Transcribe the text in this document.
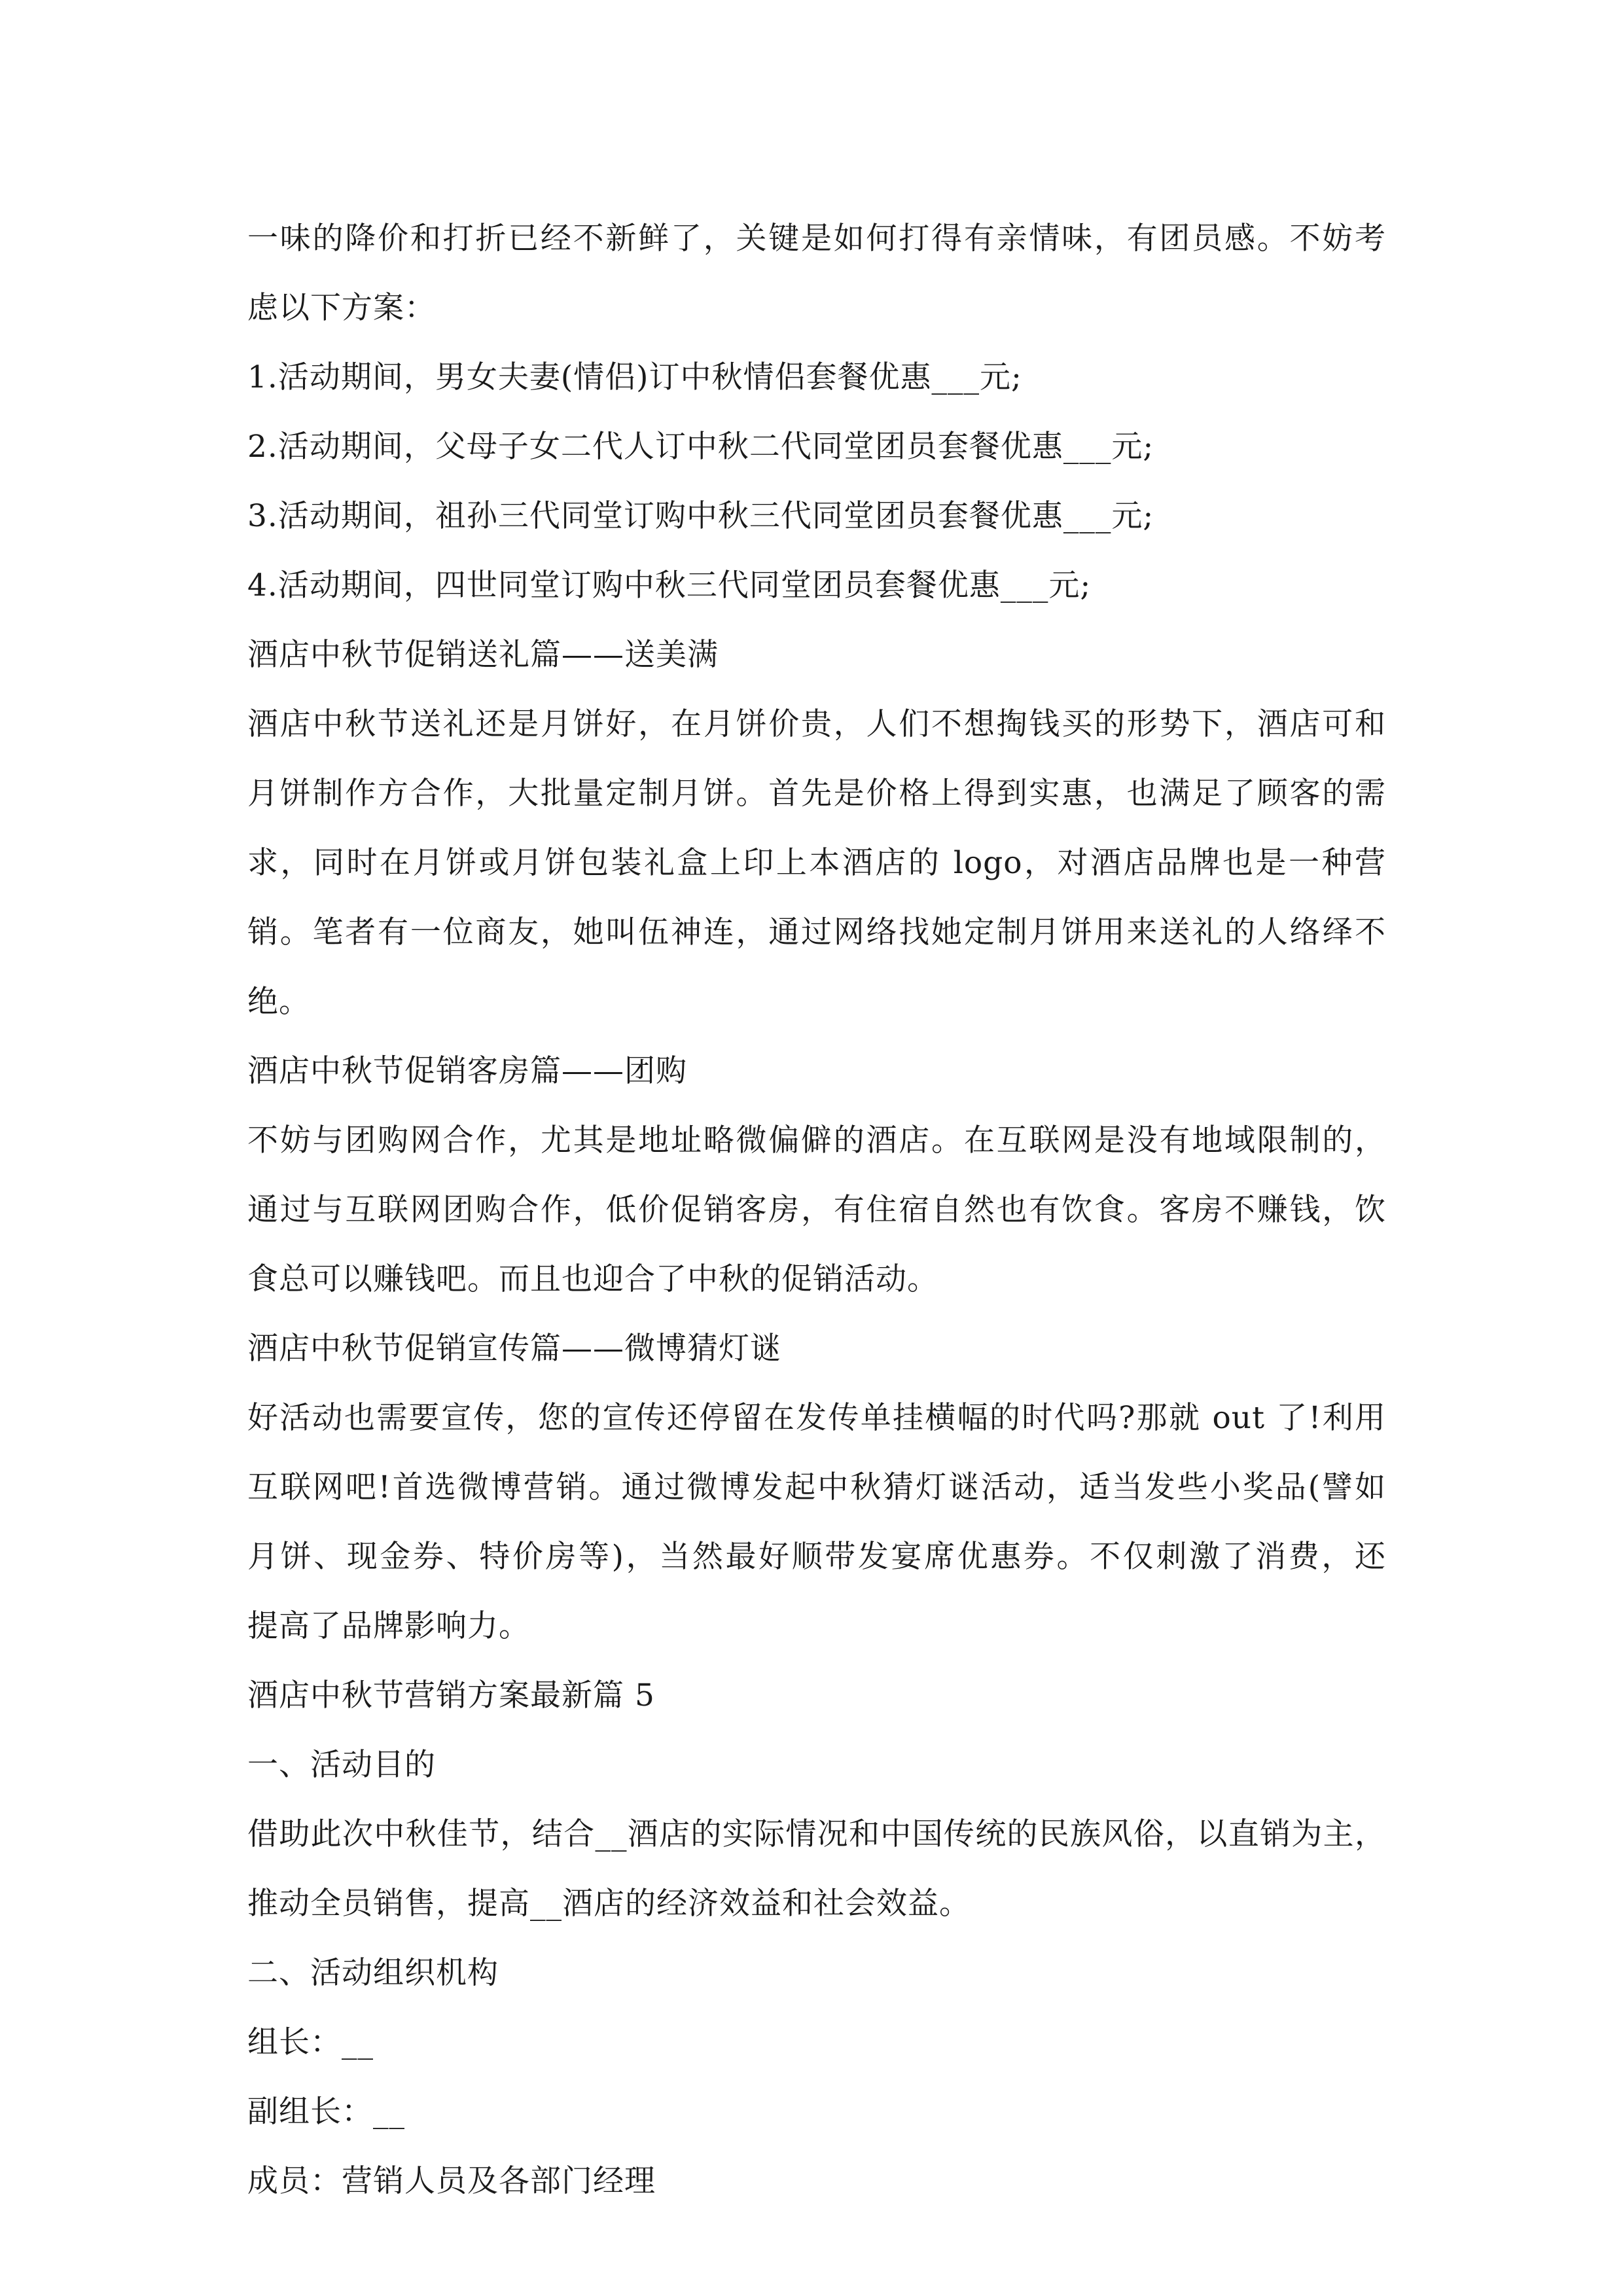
一味的降价和打折已经不新鲜了，关键是如何打得有亲情味，有团员感。不妨考

虑以下方案：

1.活动期间，男女夫妻(情侣)订中秋情侣套餐优惠___元;

2.活动期间，父母子女二代人订中秋二代同堂团员套餐优惠___元;

3.活动期间，祖孙三代同堂订购中秋三代同堂团员套餐优惠___元;

4.活动期间，四世同堂订购中秋三代同堂团员套餐优惠___元;

酒店中秋节促销送礼篇——送美满

酒店中秋节送礼还是月饼好，在月饼价贵，人们不想掏钱买的形势下，酒店可和

月饼制作方合作，大批量定制月饼。首先是价格上得到实惠，也满足了顾客的需

求，同时在月饼或月饼包装礼盒上印上本酒店的 logo，对酒店品牌也是一种营

销。笔者有一位商友，她叫伍神连，通过网络找她定制月饼用来送礼的人络绎不

绝。

酒店中秋节促销客房篇——团购

不妨与团购网合作，尤其是地址略微偏僻的酒店。在互联网是没有地域限制的，

通过与互联网团购合作，低价促销客房，有住宿自然也有饮食。客房不赚钱，饮

食总可以赚钱吧。而且也迎合了中秋的促销活动。

酒店中秋节促销宣传篇——微博猜灯谜

好活动也需要宣传，您的宣传还停留在发传单挂横幅的时代吗?那就 out 了!利用

互联网吧!首选微博营销。通过微博发起中秋猜灯谜活动，适当发些小奖品(譬如

月饼、现金券、特价房等)，当然最好顺带发宴席优惠券。不仅刺激了消费，还

提高了品牌影响力。

酒店中秋节营销方案最新篇 5

一、活动目的

借助此次中秋佳节，结合__酒店的实际情况和中国传统的民族风俗，以直销为主，

推动全员销售，提高__酒店的经济效益和社会效益。

二、活动组织机构

组长：__

副组长：__

成员：营销人员及各部门经理
